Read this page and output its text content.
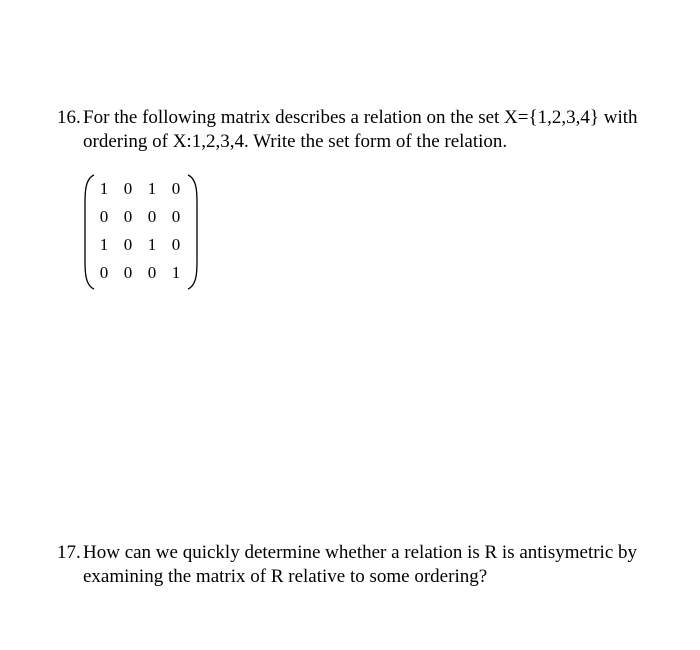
16. For the following matrix describes a relation on the set X={1,2,3,4} with
ordering of X:1,2,3,4. Write the set form of the relation.
1 0 1 0
0 0 0 0
1 0 1 0
0 0 0 1
17. How can we quickly determine whether a relation is R is antisymetric by
examining the matrix of R relative to some ordering?
